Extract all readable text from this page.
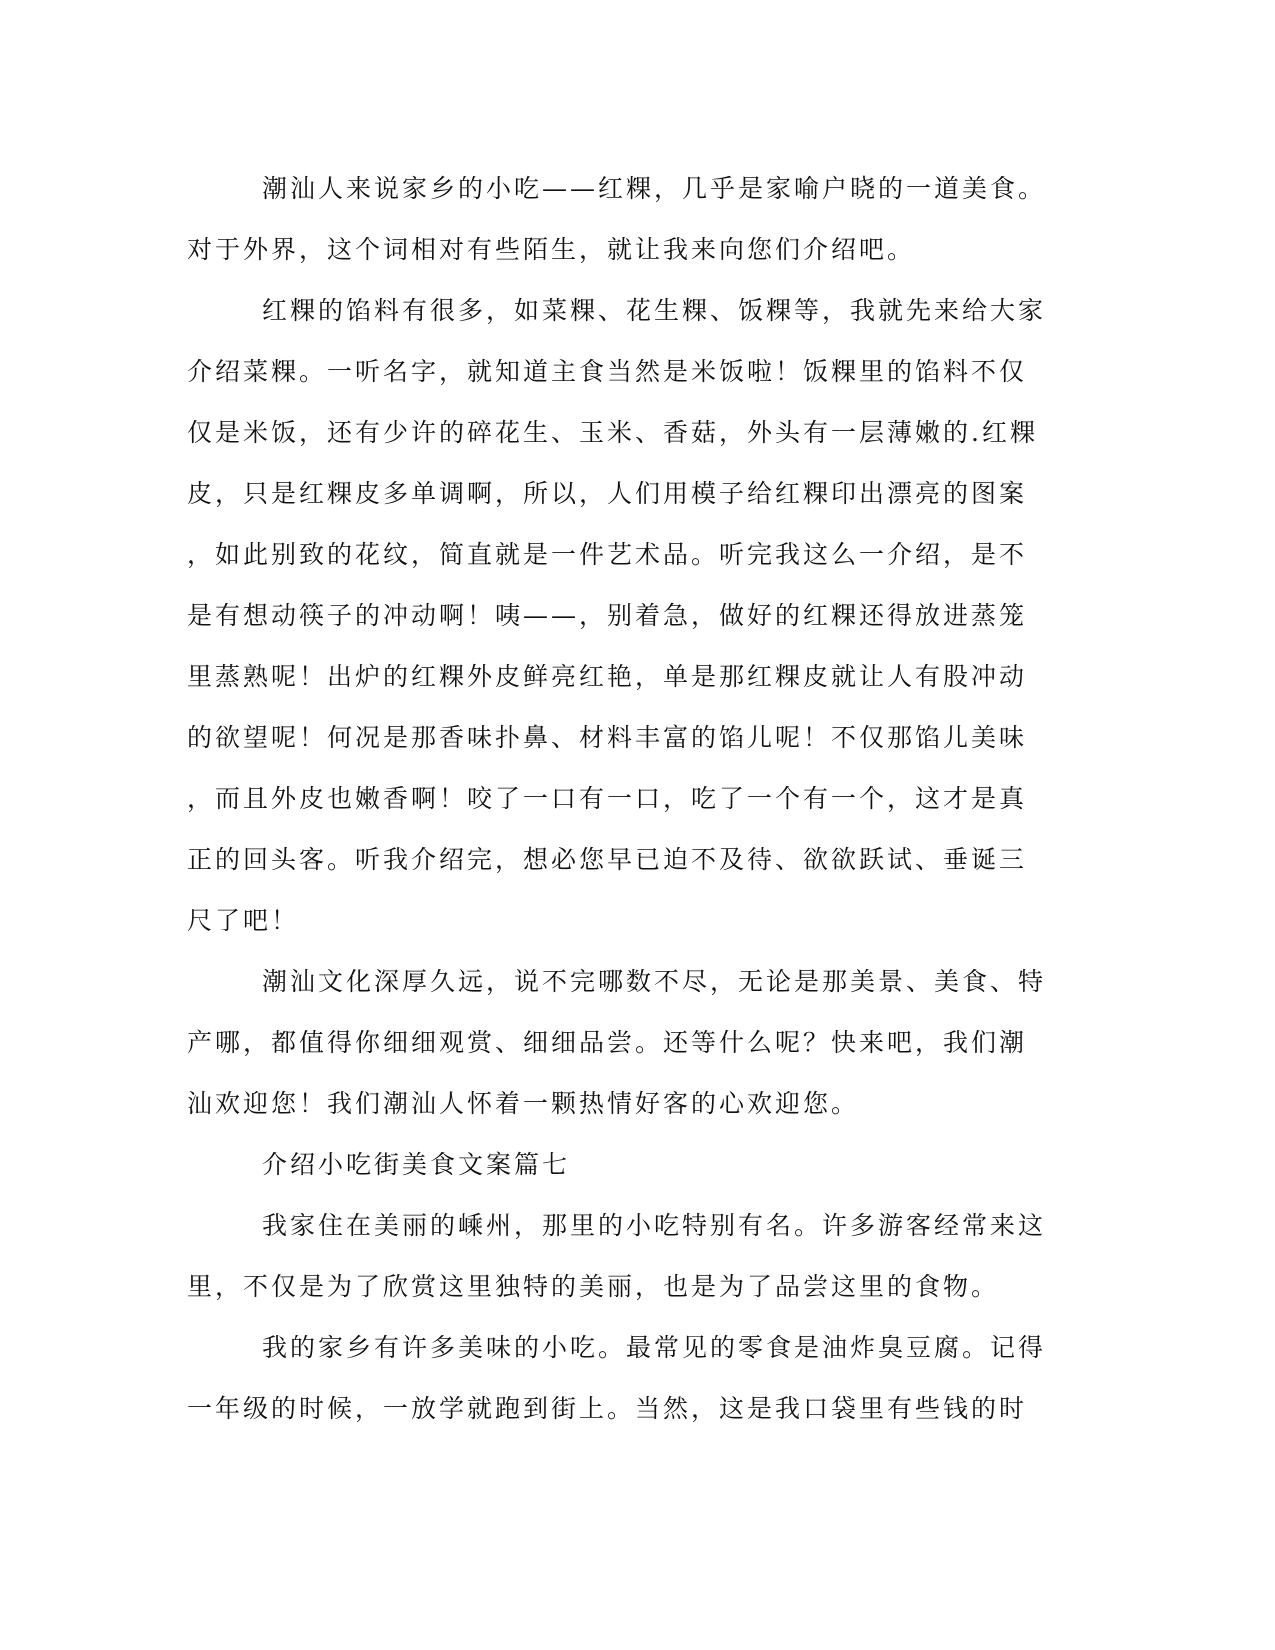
潮汕人来说家乡的小吃——红粿，几乎是家喻户晓的一道美食。
对于外界，这个词相对有些陌生，就让我来向您们介绍吧。
红粿的馅料有很多，如菜粿、花生粿、饭粿等，我就先来给大家
介绍菜粿。一听名字，就知道主食当然是米饭啦！饭粿里的馅料不仅
仅是米饭，还有少许的碎花生、玉米、香菇，外头有一层薄嫩的.红粿
皮，只是红粿皮多单调啊，所以，人们用模子给红粿印出漂亮的图案
，如此别致的花纹，简直就是一件艺术品。听完我这么一介绍，是不
是有想动筷子的冲动啊！咦——，别着急，做好的红粿还得放进蒸笼
里蒸熟呢！出炉的红粿外皮鲜亮红艳，单是那红粿皮就让人有股冲动
的欲望呢！何况是那香味扑鼻、材料丰富的馅儿呢！不仅那馅儿美味
，而且外皮也嫩香啊！咬了一口有一口，吃了一个有一个，这才是真
正的回头客。听我介绍完，想必您早已迫不及待、欲欲跃试、垂诞三
尺了吧！
潮汕文化深厚久远，说不完哪数不尽，无论是那美景、美食、特
产哪，都值得你细细观赏、细细品尝。还等什么呢？快来吧，我们潮
汕欢迎您！我们潮汕人怀着一颗热情好客的心欢迎您。
介绍小吃街美食文案篇七
我家住在美丽的嵊州，那里的小吃特别有名。许多游客经常来这
里，不仅是为了欣赏这里独特的美丽，也是为了品尝这里的食物。
我的家乡有许多美味的小吃。最常见的零食是油炸臭豆腐。记得
一年级的时候，一放学就跑到街上。当然，这是我口袋里有些钱的时
